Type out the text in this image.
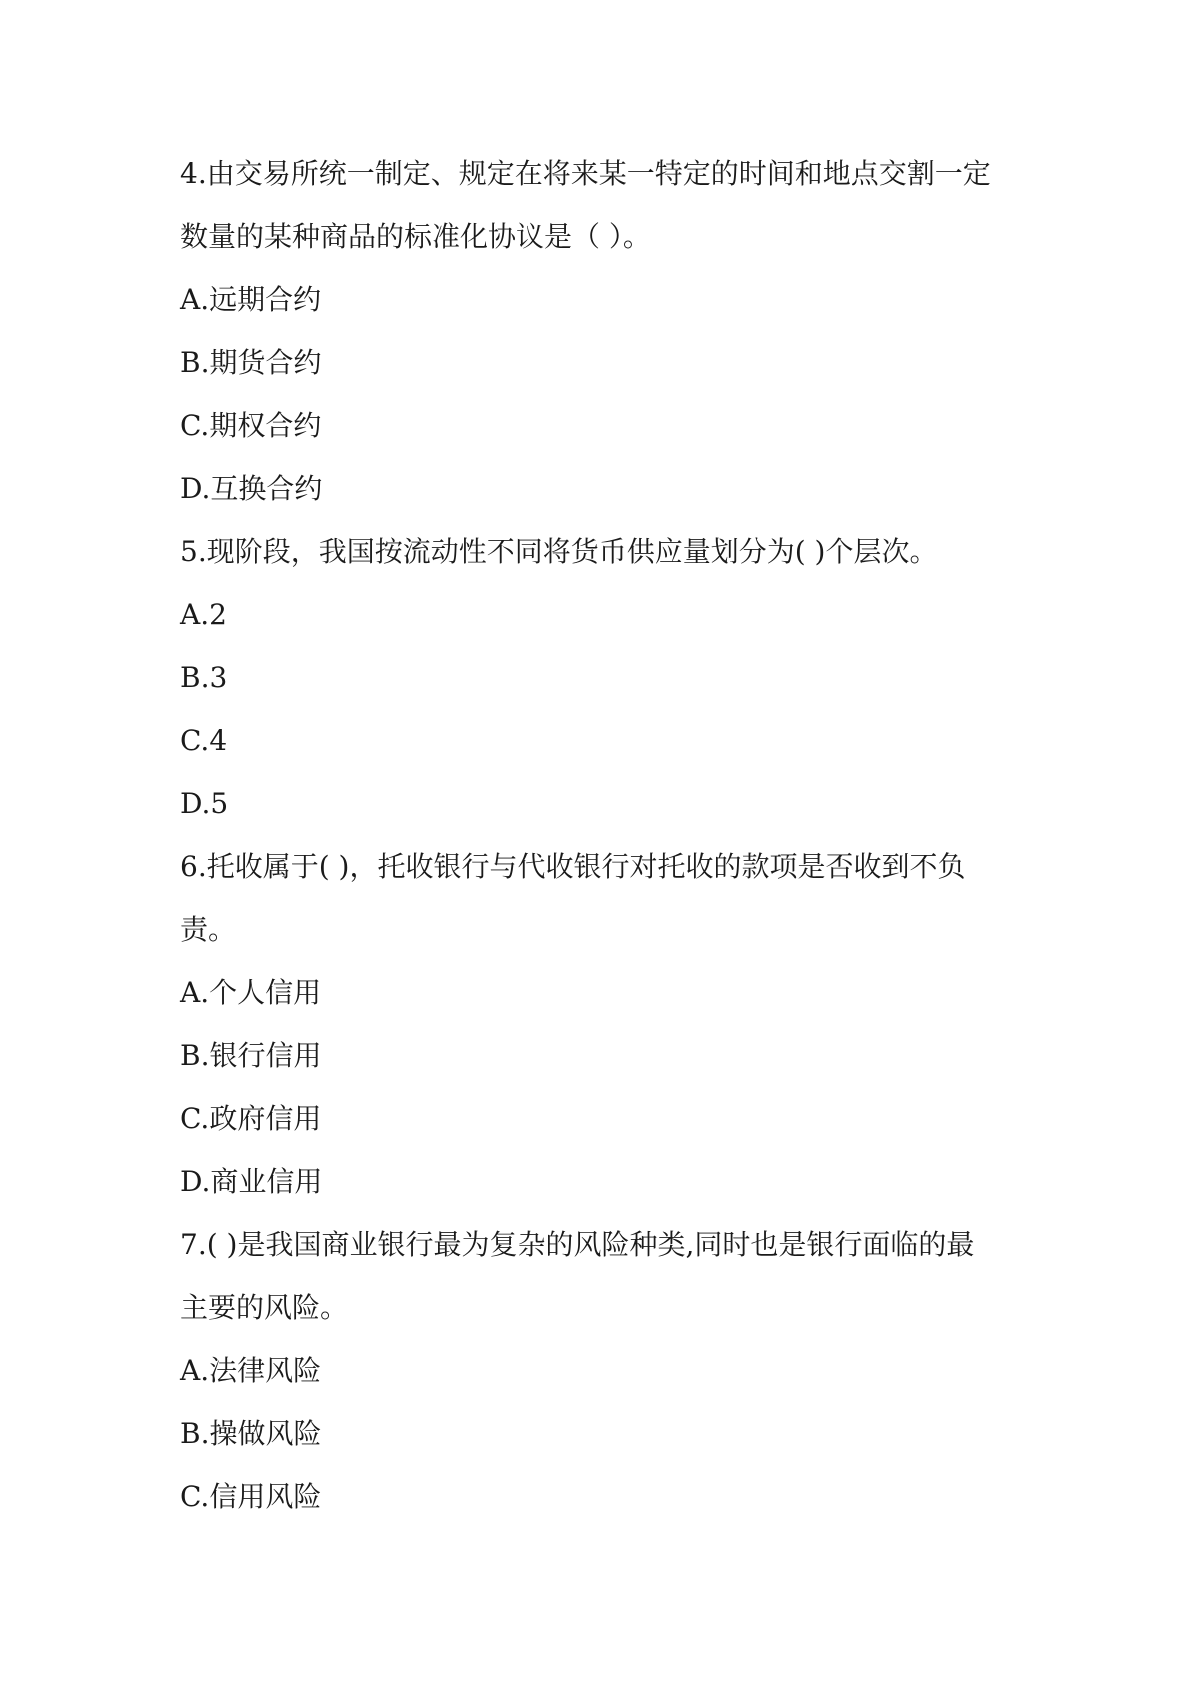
4.由交易所统一制定、规定在将来某一特定的时间和地点交割一定

数量的某种商品的标准化协议是（ ）。

A.远期合约

B.期货合约

C.期权合约

D.互换合约

5.现阶段，我国按流动性不同将货币供应量划分为( )个层次。

A.2

B.3

C.4

D.5

6.托收属于( )，托收银行与代收银行对托收的款项是否收到不负

责。

A.个人信用

B.银行信用

C.政府信用

D.商业信用

7.( )是我国商业银行最为复杂的风险种类,同时也是银行面临的最

主要的风险。

A.法律风险

B.操做风险

C.信用风险
